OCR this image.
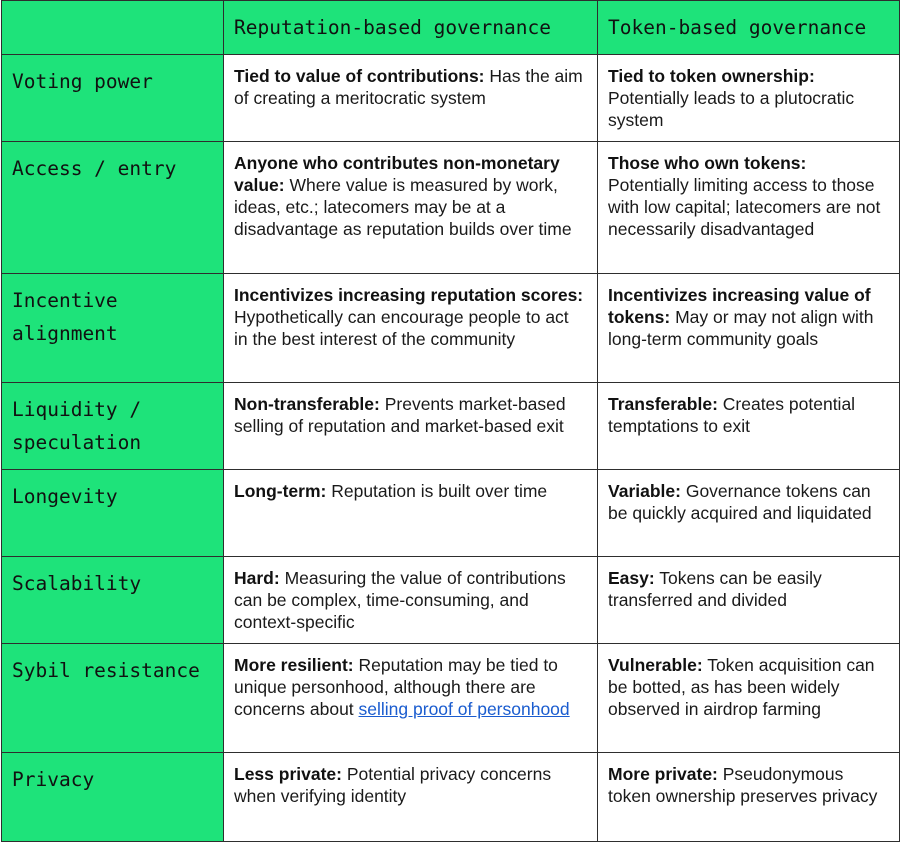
	Reputation-based governance	Token-based governance
Voting power	Tied to value of contributions: Has the aim of creating a meritocratic system	Tied to token ownership: Potentially leads to a plutocratic system
Access / entry	Anyone who contributes non-monetary value: Where value is measured by work, ideas, etc.; latecomers may be at a disadvantage as reputation builds over time	Those who own tokens: Potentially limiting access to those with low capital; latecomers are not necessarily disadvantaged
Incentive alignment	Incentivizes increasing reputation scores: Hypothetically can encourage people to act in the best interest of the community	Incentivizes increasing value of tokens: May or may not align with long-term community goals
Liquidity / speculation	Non-transferable: Prevents market-based selling of reputation and market-based exit	Transferable: Creates potential temptations to exit
Longevity	Long-term: Reputation is built over time	Variable: Governance tokens can be quickly acquired and liquidated
Scalability	Hard: Measuring the value of contributions can be complex, time-consuming, and context-specific	Easy: Tokens can be easily transferred and divided
Sybil resistance	More resilient: Reputation may be tied to unique personhood, although there are concerns about selling proof of personhood	Vulnerable: Token acquisition can be botted, as has been widely observed in airdrop farming
Privacy	Less private: Potential privacy concerns when verifying identity	More private: Pseudonymous token ownership preserves privacy
